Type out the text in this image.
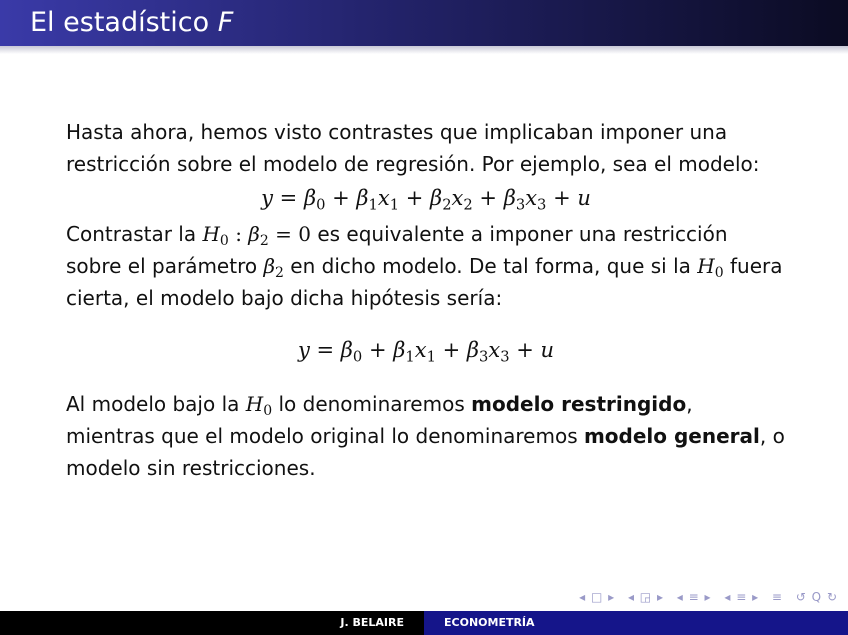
El estadístico F

Hasta ahora, hemos visto contrastes que implicaban imponer una restricción sobre el modelo de regresión. Por ejemplo, sea el modelo:

$y = \beta_0 + \beta_1x_1 + \beta_2x_2 + \beta_3x_3 + u$

Contrastar la $H_0$ : $\beta_2 = 0$ es equivalente a imponer una restricción sobre el parámetro $\beta_2$ en dicho modelo. De tal forma, que si la $H_0$ fuera cierta, el modelo bajo dicha hipótesis sería:

$y = \beta_0 + \beta_1x_1 + \beta_3x_3 + u$

Al modelo bajo la $H_0$ lo denominaremos modelo restringido, mientras que el modelo original lo denominaremos modelo general, o modelo sin restricciones.

◂ □ ▸ ◂ ◲ ▸ ◂ ≡ ▸ ◂ ≡ ▸ ≡ ↺ Q ↻
J. BELAIRE	ECONOMETRÍA
